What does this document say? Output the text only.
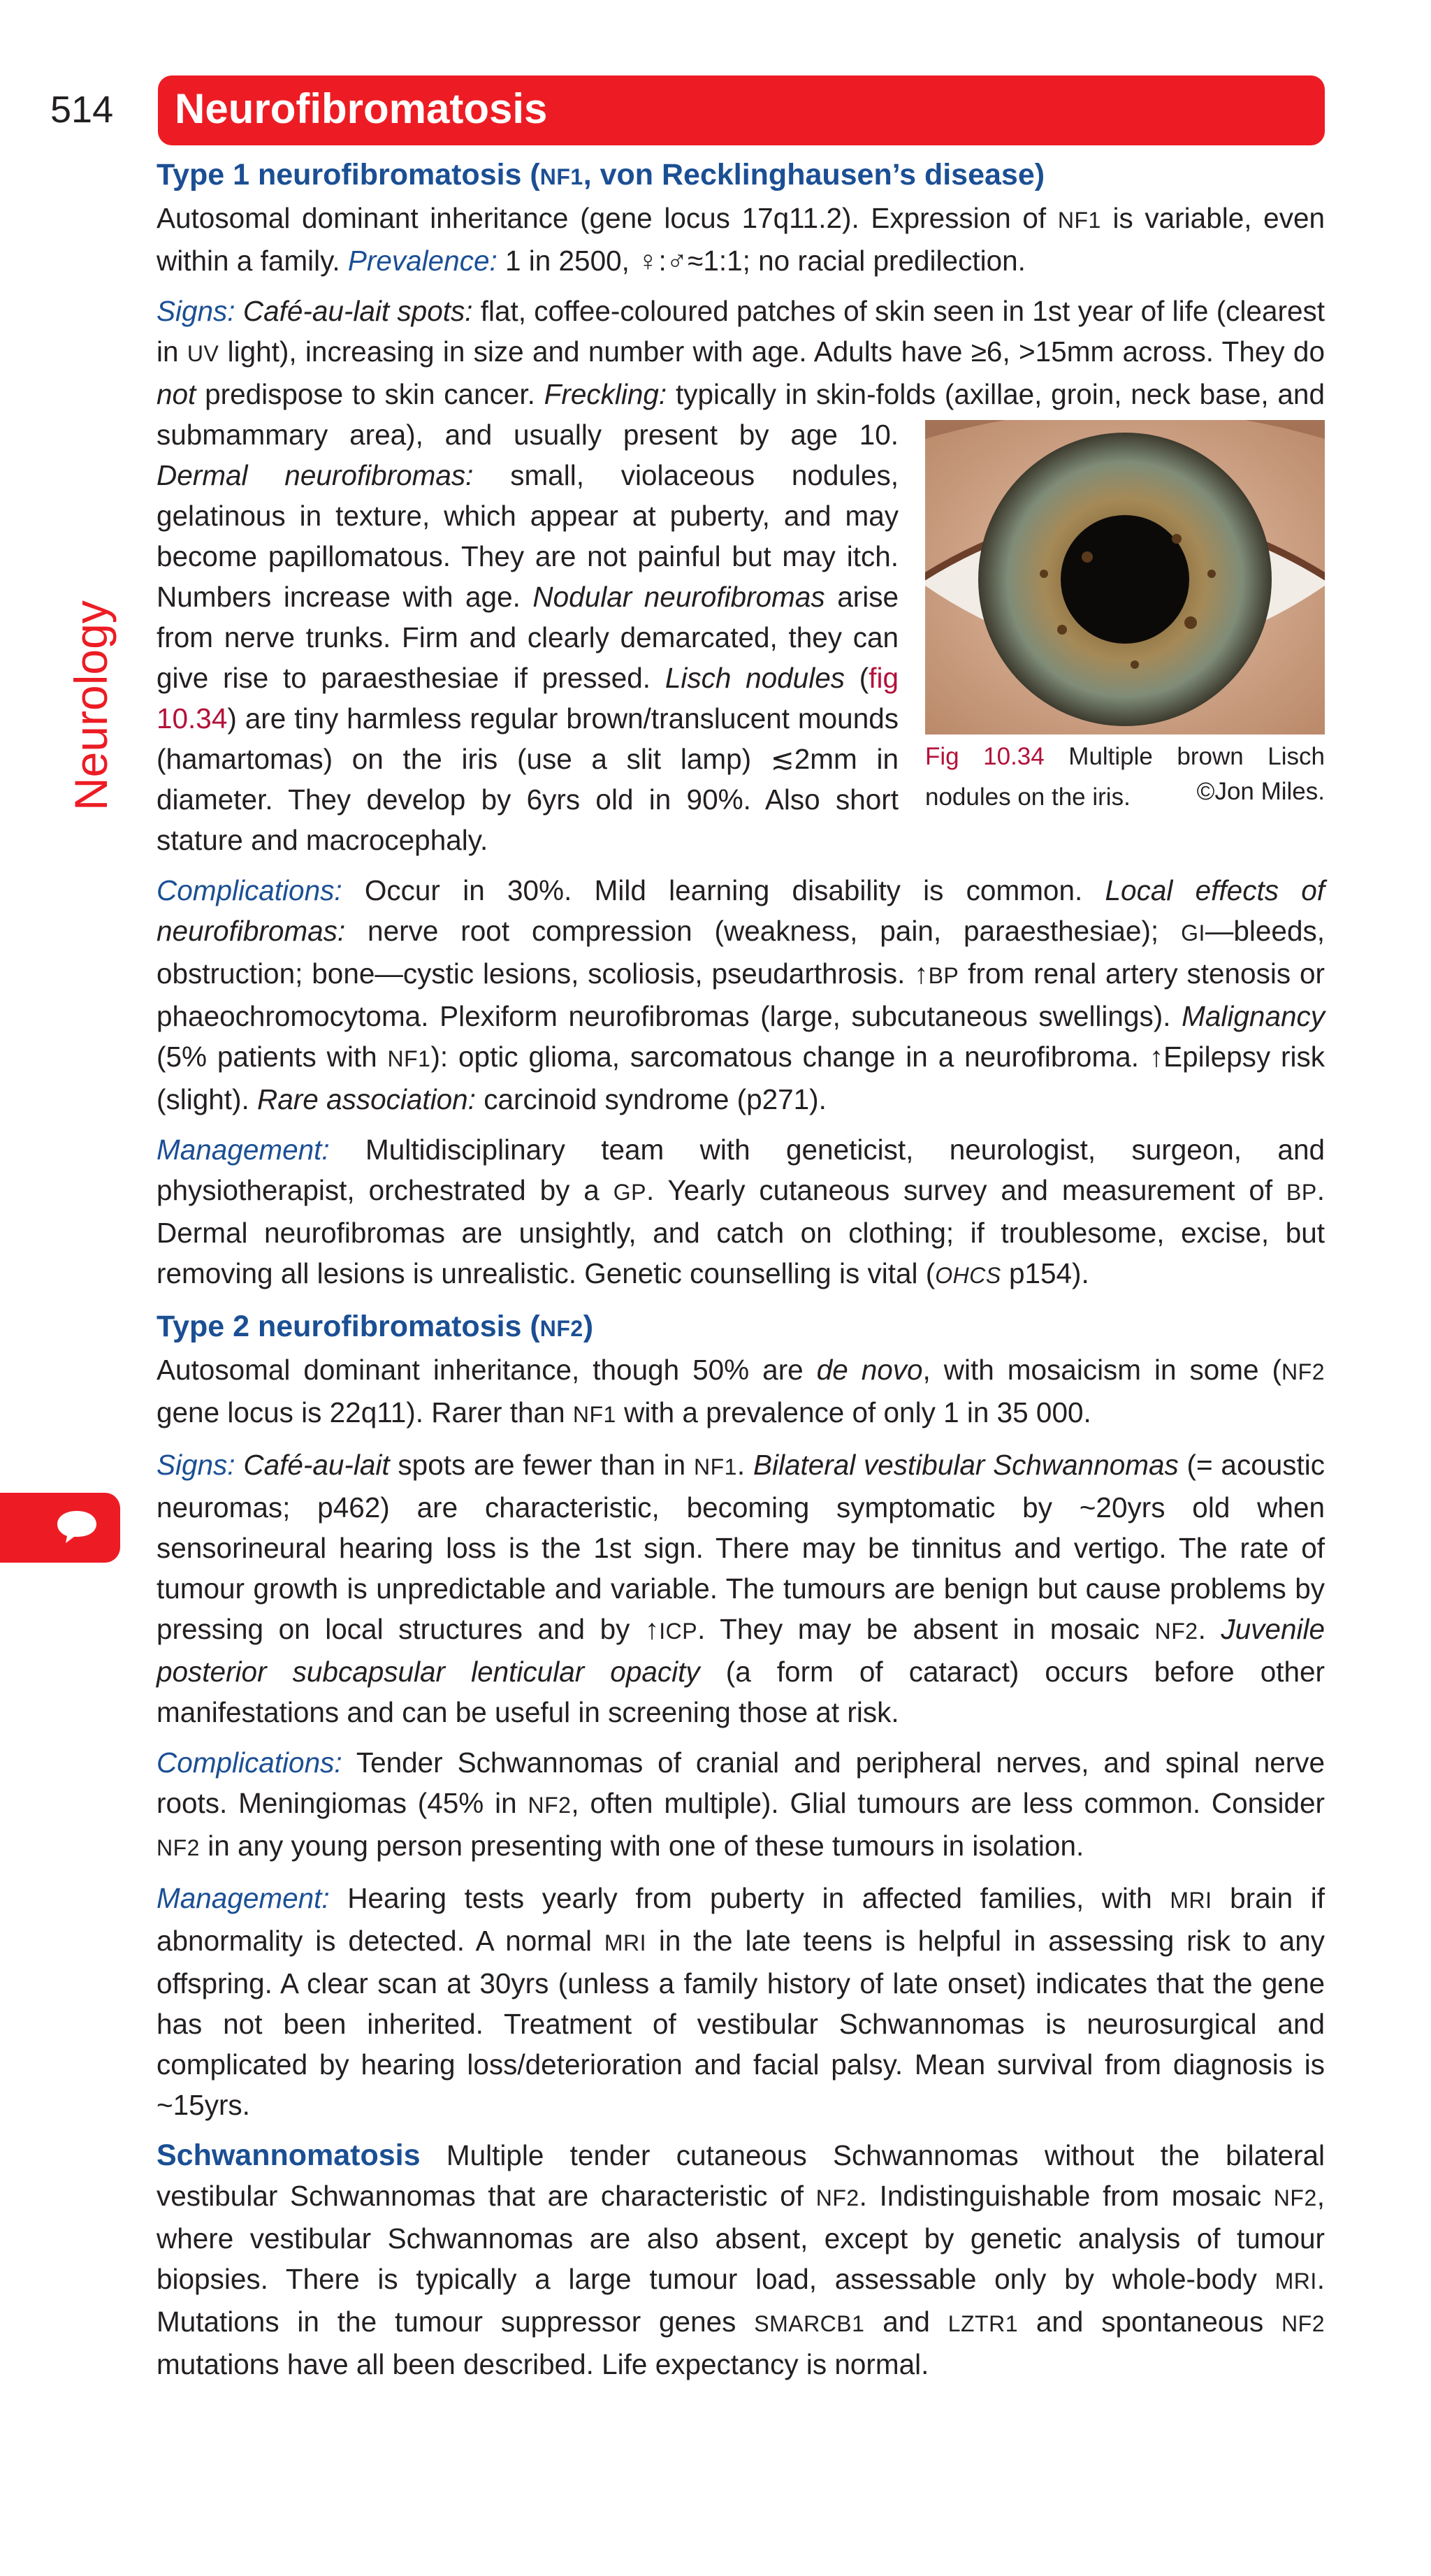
514 Neurofibromatosis
Neurology
Type 1 neurofibromatosis (NF1, von Recklinghausen’s disease)

Autosomal dominant inheritance (gene locus 17q11.2). Expression of NF1 is variable, even within a family. Prevalence: 1 in 2500, ♀:♂≈1:1; no racial predilection.

Signs: Café-au-lait spots: flat, coffee-coloured patches of skin seen in 1st year of life (clearest in UV light), increasing in size and number with age. Adults have ≥6, >15mm across. They do not predispose to skin cancer. Freckling: typically in skin-folds (axillae, groin, neck base, and submammary area), and usually present by age 10.
Fig 10.34 Multiple brown Lisch nodules on the iris.	©Jon Miles.
Dermal neurofibromas: small, violaceous nodules, gelatinous in texture, which appear at puberty, and may become papillomatous. They are not painful but may itch. Numbers increase with age. Nodular neurofibromas arise from nerve trunks. Firm and clearly demarcated, they can give rise to paraesthesiae if pressed. Lisch nodules (fig 10.34) are tiny harmless regular brown/translucent mounds (hamartomas) on the iris (use a slit lamp) ≲2mm in diameter. They develop by 6yrs old in 90%. Also short stature and macrocephaly.

Complications: Occur in 30%. Mild learning disability is common. Local effects of neurofibromas: nerve root compression (weakness, pain, paraesthesiae); GI—bleeds, obstruction; bone—cystic lesions, scoliosis, pseudarthrosis. ↑BP from renal artery stenosis or phaeochromocytoma. Plexiform neurofibromas (large, subcutaneous swellings). Malignancy (5% patients with NF1): optic glioma, sarcomatous change in a neurofibroma. ↑Epilepsy risk (slight). Rare association: carcinoid syndrome (p271).

Management: Multidisciplinary team with geneticist, neurologist, surgeon, and physiotherapist, orchestrated by a GP. Yearly cutaneous survey and measurement of BP. Dermal neurofibromas are unsightly, and catch on clothing; if troublesome, excise, but removing all lesions is unrealistic. Genetic counselling is vital (OHCS p154).

Type 2 neurofibromatosis (NF2)

Autosomal dominant inheritance, though 50% are de novo, with mosaicism in some (NF2 gene locus is 22q11). Rarer than NF1 with a prevalence of only 1 in 35 000.

Signs: Café-au-lait spots are fewer than in NF1. Bilateral vestibular Schwannomas (= acoustic neuromas; p462) are characteristic, becoming symptomatic by ~20yrs old when sensorineural hearing loss is the 1st sign. There may be tinnitus and vertigo. The rate of tumour growth is unpredictable and variable. The tumours are benign but cause problems by pressing on local structures and by ↑ICP. They may be absent in mosaic NF2. Juvenile posterior subcapsular lenticular opacity (a form of cataract) occurs before other manifestations and can be useful in screening those at risk.

Complications: Tender Schwannomas of cranial and peripheral nerves, and spinal nerve roots. Meningiomas (45% in NF2, often multiple). Glial tumours are less common. Consider NF2 in any young person presenting with one of these tumours in isolation.

Management: Hearing tests yearly from puberty in affected families, with MRI brain if abnormality is detected. A normal MRI in the late teens is helpful in assessing risk to any offspring. A clear scan at 30yrs (unless a family history of late onset) indicates that the gene has not been inherited. Treatment of vestibular Schwannomas is neurosurgical and complicated by hearing loss/deterioration and facial palsy. Mean survival from diagnosis is ~15yrs.

Schwannomatosis Multiple tender cutaneous Schwannomas without the bilateral vestibular Schwannomas that are characteristic of NF2. Indistinguishable from mosaic NF2, where vestibular Schwannomas are also absent, except by genetic analysis of tumour biopsies. There is typically a large tumour load, assessable only by whole-body MRI. Mutations in the tumour suppressor genes SMARCB1 and LZTR1 and spontaneous NF2 mutations have all been described. Life expectancy is normal.
